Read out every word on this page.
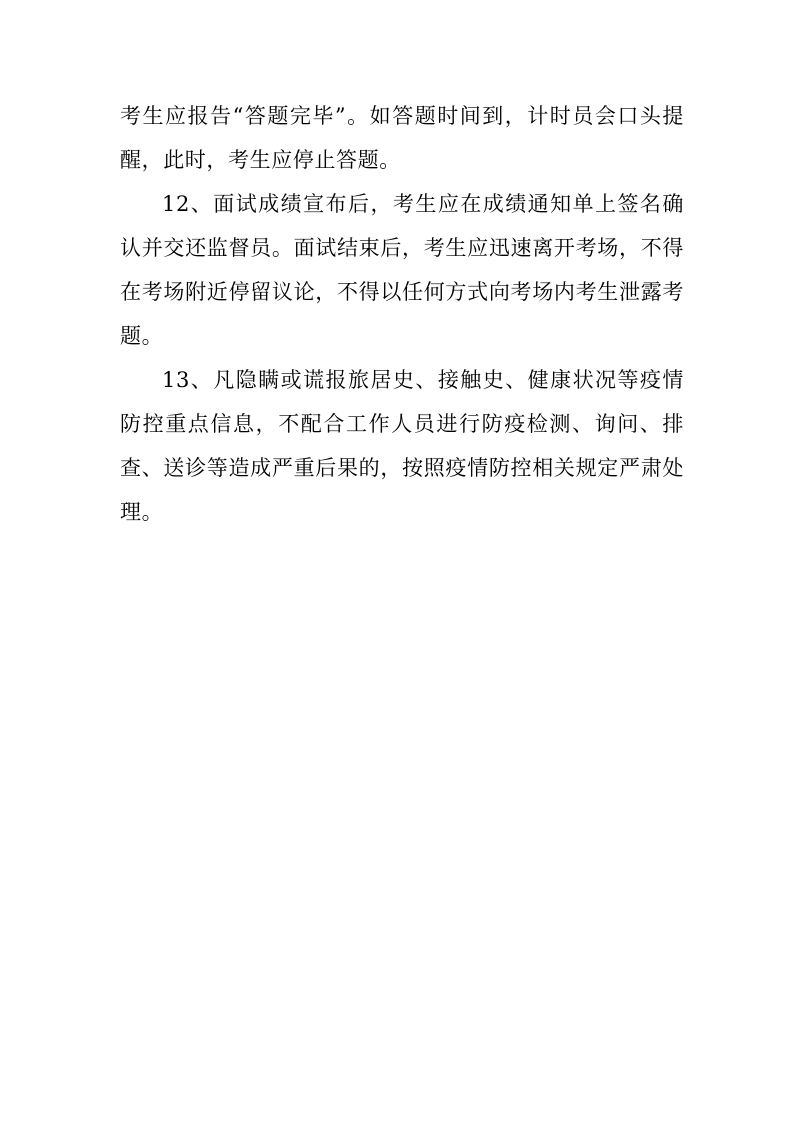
考生应报告“答题完毕”。如答题时间到，计时员会口头提醒，此时，考生应停止答题。

12、面试成绩宣布后，考生应在成绩通知单上签名确认并交还监督员。面试结束后，考生应迅速离开考场，不得在考场附近停留议论，不得以任何方式向考场内考生泄露考题。

13、凡隐瞒或谎报旅居史、接触史、健康状况等疫情防控重点信息，不配合工作人员进行防疫检测、询问、排查、送诊等造成严重后果的，按照疫情防控相关规定严肃处理。
